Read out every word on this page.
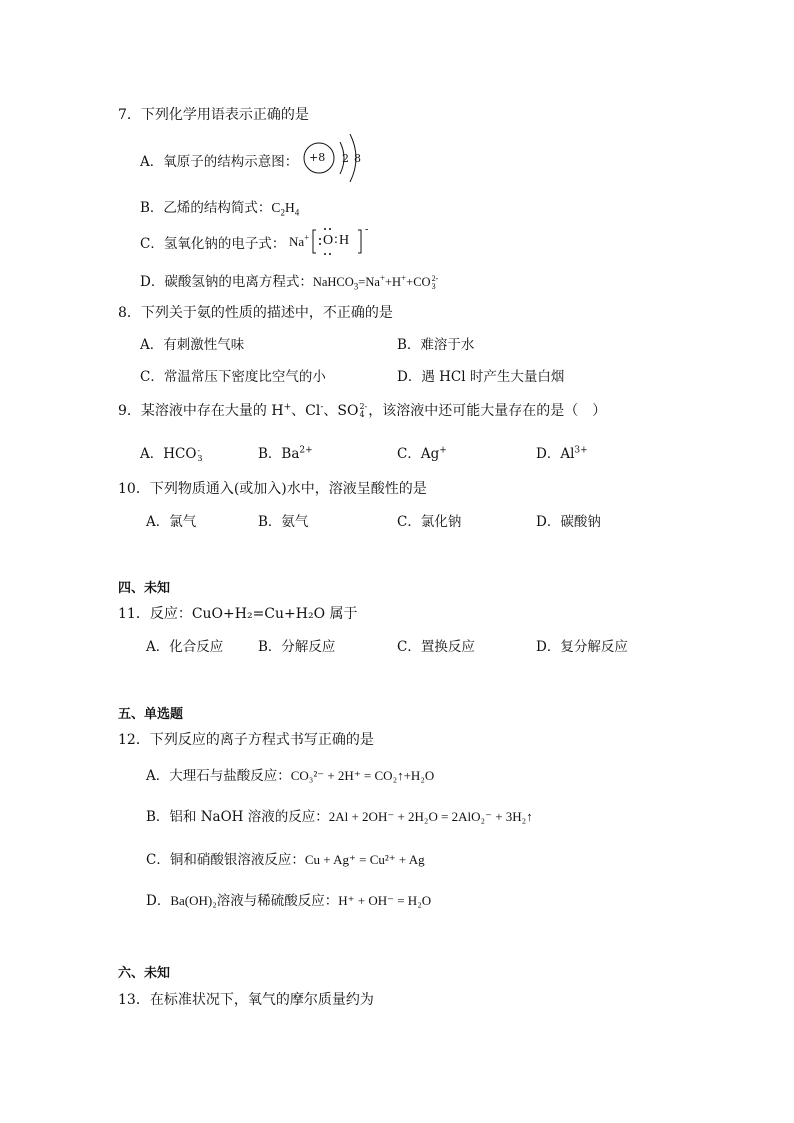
7．下列化学用语表示正确的是
A．氧原子的结构示意图： +8 2 8
B．乙烯的结构简式：$C_2H_4$
C．氢氧化钠的电子式： Na+ O : H
-
D．碳酸氢钠的电离方程式：NaHCO$_3$=Na++H++CO 2-
3
8．下列关于氨的性质的描述中，不正确的是
A．有刺激性气味	B．难溶于水
C．常温常压下密度比空气的小	D．遇 HCl 时产生大量白烟
9．某溶液中存在大量的 H+、Cl-、SO 2-
4 ，该溶液中还可能大量存在的是（　）
A．HCO -
3	B．$Ba^{2+}$	C．Ag+	D．$Al^{3+}$
10．下列物质通入(或加入)水中，溶液呈酸性的是
A．氯气	B．氨气	C．氯化钠	D．碳酸钠
四、未知
11．反应：CuO+H₂=Cu+H₂O 属于
A．化合反应	B．分解反应	C．置换反应	D．复分解反应
五、单选题
12．下列反应的离子方程式书写正确的是
A．大理石与盐酸反应：CO₃²⁻ + 2H⁺ = CO₂↑+H₂O
B．铝和 NaOH 溶液的反应：2Al + 2OH⁻ + 2H₂O = 2AlO₂⁻ + 3H₂↑
C．铜和硝酸银溶液反应：Cu + Ag⁺ = Cu²⁺ + Ag
D．Ba(OH)₂溶液与稀硫酸反应：H⁺ + OH⁻ = H₂O
六、未知
13．在标准状况下，氧气的摩尔质量约为
